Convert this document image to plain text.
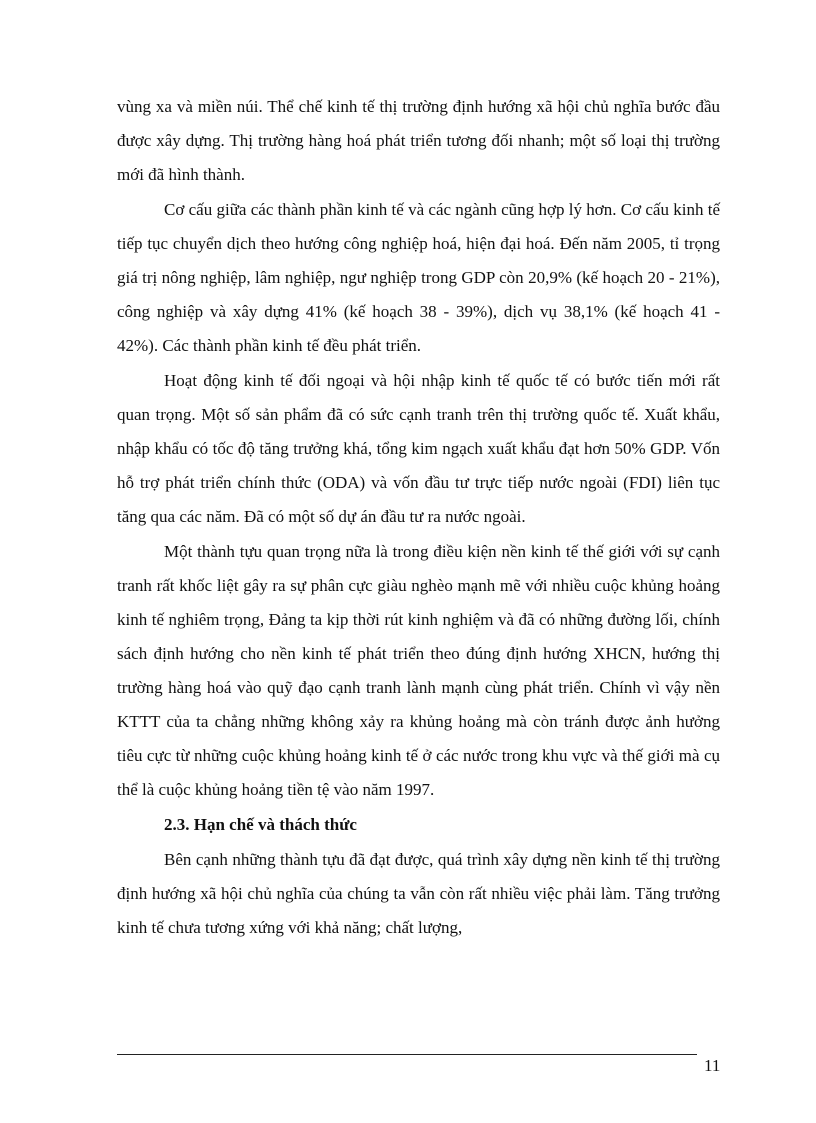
vùng xa và miền núi. Thể chế kinh tế thị trường định hướng xã hội chủ nghĩa bước đầu được xây dựng. Thị trường hàng hoá phát triển tương đối nhanh; một số loại thị trường mới đã hình thành.

Cơ cấu giữa các thành phần kinh tế và các ngành cũng hợp lý hơn. Cơ cấu kinh tế tiếp tục chuyển dịch theo hướng công nghiệp hoá, hiện đại hoá. Đến năm 2005, tỉ trọng giá trị nông nghiệp, lâm nghiệp, ngư nghiệp trong GDP còn 20,9% (kế hoạch 20 - 21%), công nghiệp và xây dựng 41% (kế hoạch 38 - 39%), dịch vụ 38,1% (kế hoạch 41 - 42%). Các thành phần kinh tế đều phát triển.

Hoạt động kinh tế đối ngoại và hội nhập kinh tế quốc tế có bước tiến mới rất quan trọng. Một số sản phẩm đã có sức cạnh tranh trên thị trường quốc tế. Xuất khẩu, nhập khẩu có tốc độ tăng trưởng khá, tổng kim ngạch xuất khẩu đạt hơn 50% GDP. Vốn hỗ trợ phát triển chính thức (ODA) và vốn đầu tư trực tiếp nước ngoài (FDI) liên tục tăng qua các năm. Đã có một số dự án đầu tư ra nước ngoài.

Một thành tựu quan trọng nữa là trong điều kiện nền kinh tế thế giới với sự cạnh tranh rất khốc liệt gây ra sự phân cực giàu nghèo mạnh mẽ với nhiều cuộc khủng hoảng kinh tế nghiêm trọng, Đảng ta kịp thời rút kinh nghiệm và đã có những đường lối, chính sách định hướng cho nền kinh tế phát triển theo đúng định hướng XHCN, hướng thị trường hàng hoá vào quỹ đạo cạnh tranh lành mạnh cùng phát triển. Chính vì vậy nền KTTT của ta chẳng những không xảy ra khủng hoảng mà còn tránh được ảnh hưởng tiêu cực từ những cuộc khủng hoảng kinh tế ở các nước trong khu vực và thế giới mà cụ thể là cuộc khủng hoảng tiền tệ vào năm 1997.

2.3. Hạn chế và thách thức

Bên cạnh những thành tựu đã đạt được, quá trình xây dựng nền kinh tế thị trường định hướng xã hội chủ nghĩa của chúng ta vẫn còn rất nhiều việc phải làm. Tăng trưởng kinh tế chưa tương xứng với khả năng; chất lượng,

11
